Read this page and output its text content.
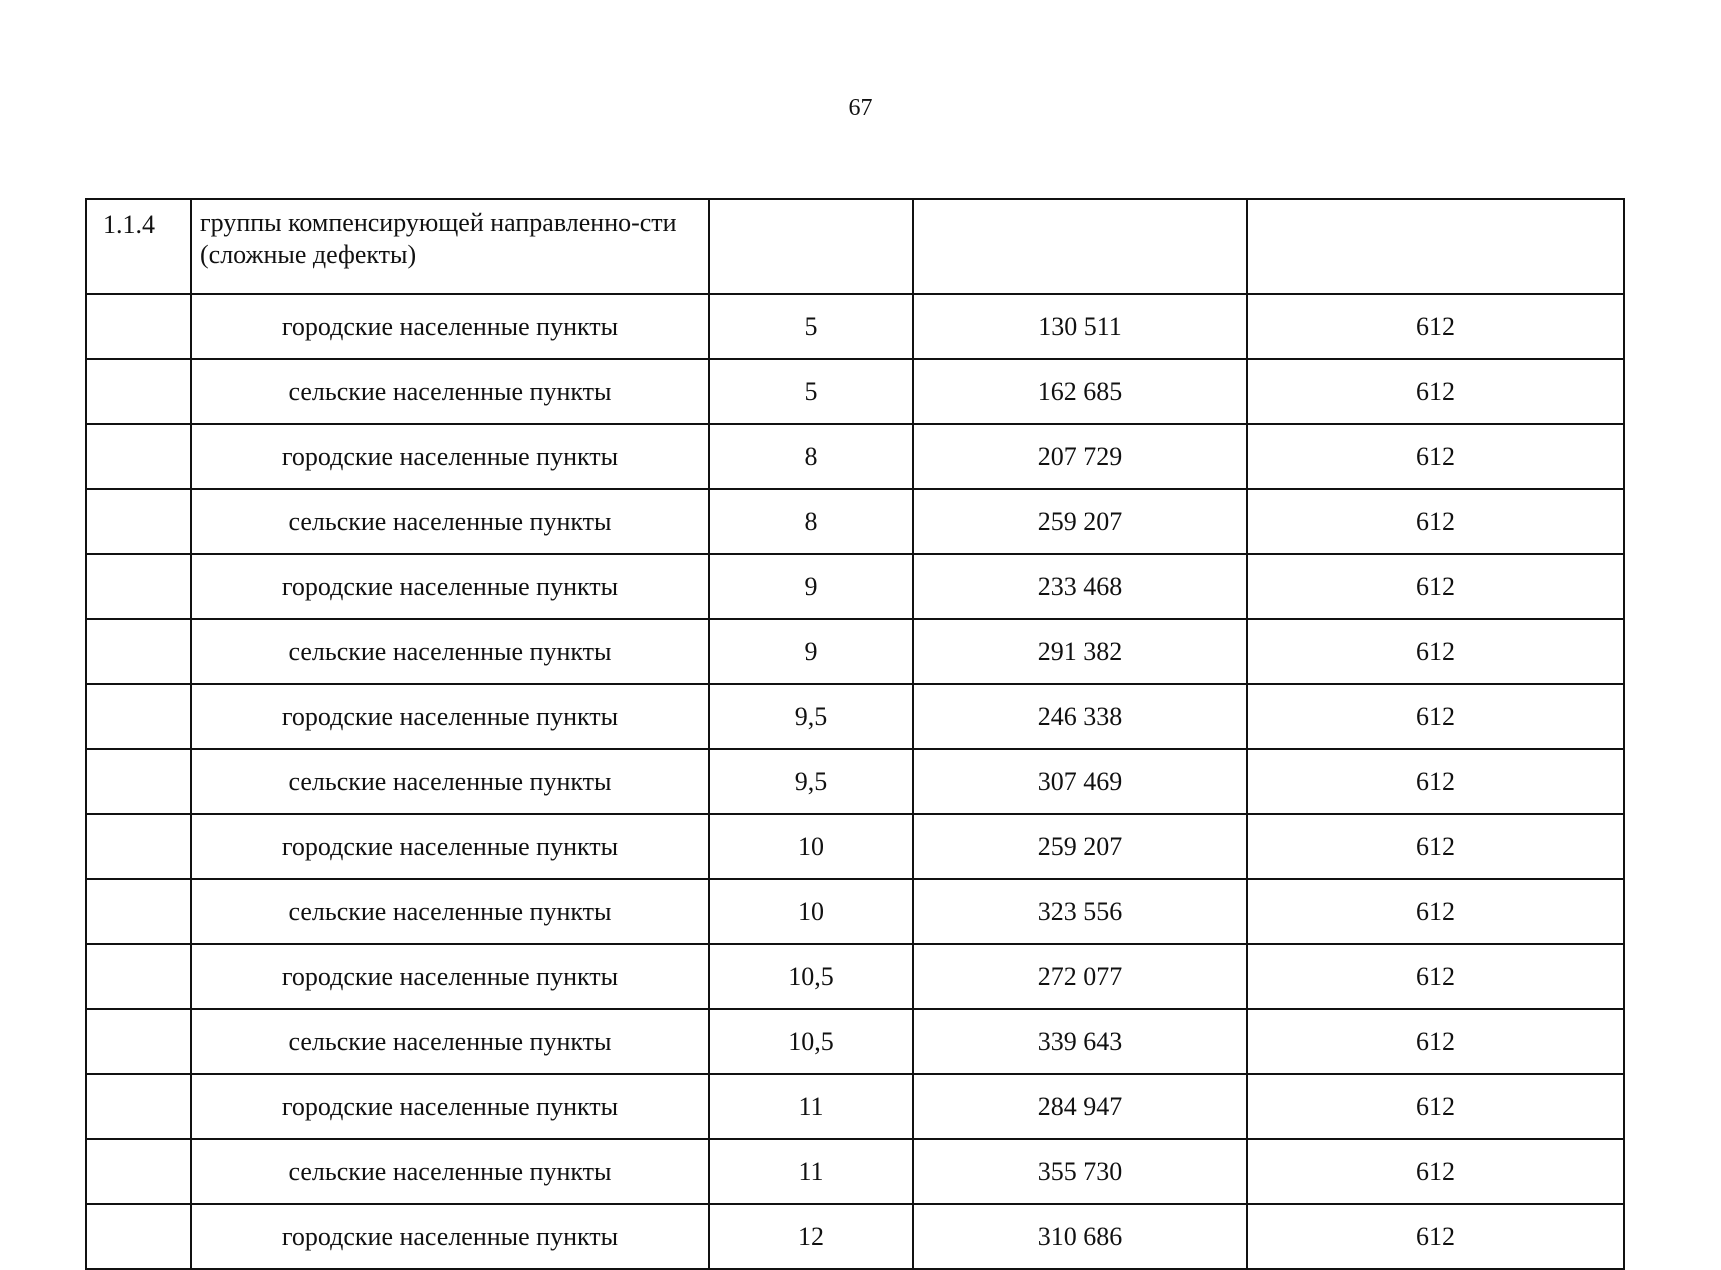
67
1.1.4	группы компенсирующей направленно-сти (сложные дефекты)			
	городские населенные пункты	5	130 511	612
	сельские населенные пункты	5	162 685	612
	городские населенные пункты	8	207 729	612
	сельские населенные пункты	8	259 207	612
	городские населенные пункты	9	233 468	612
	сельские населенные пункты	9	291 382	612
	городские населенные пункты	9,5	246 338	612
	сельские населенные пункты	9,5	307 469	612
	городские населенные пункты	10	259 207	612
	сельские населенные пункты	10	323 556	612
	городские населенные пункты	10,5	272 077	612
	сельские населенные пункты	10,5	339 643	612
	городские населенные пункты	11	284 947	612
	сельские населенные пункты	11	355 730	612
	городские населенные пункты	12	310 686	612
